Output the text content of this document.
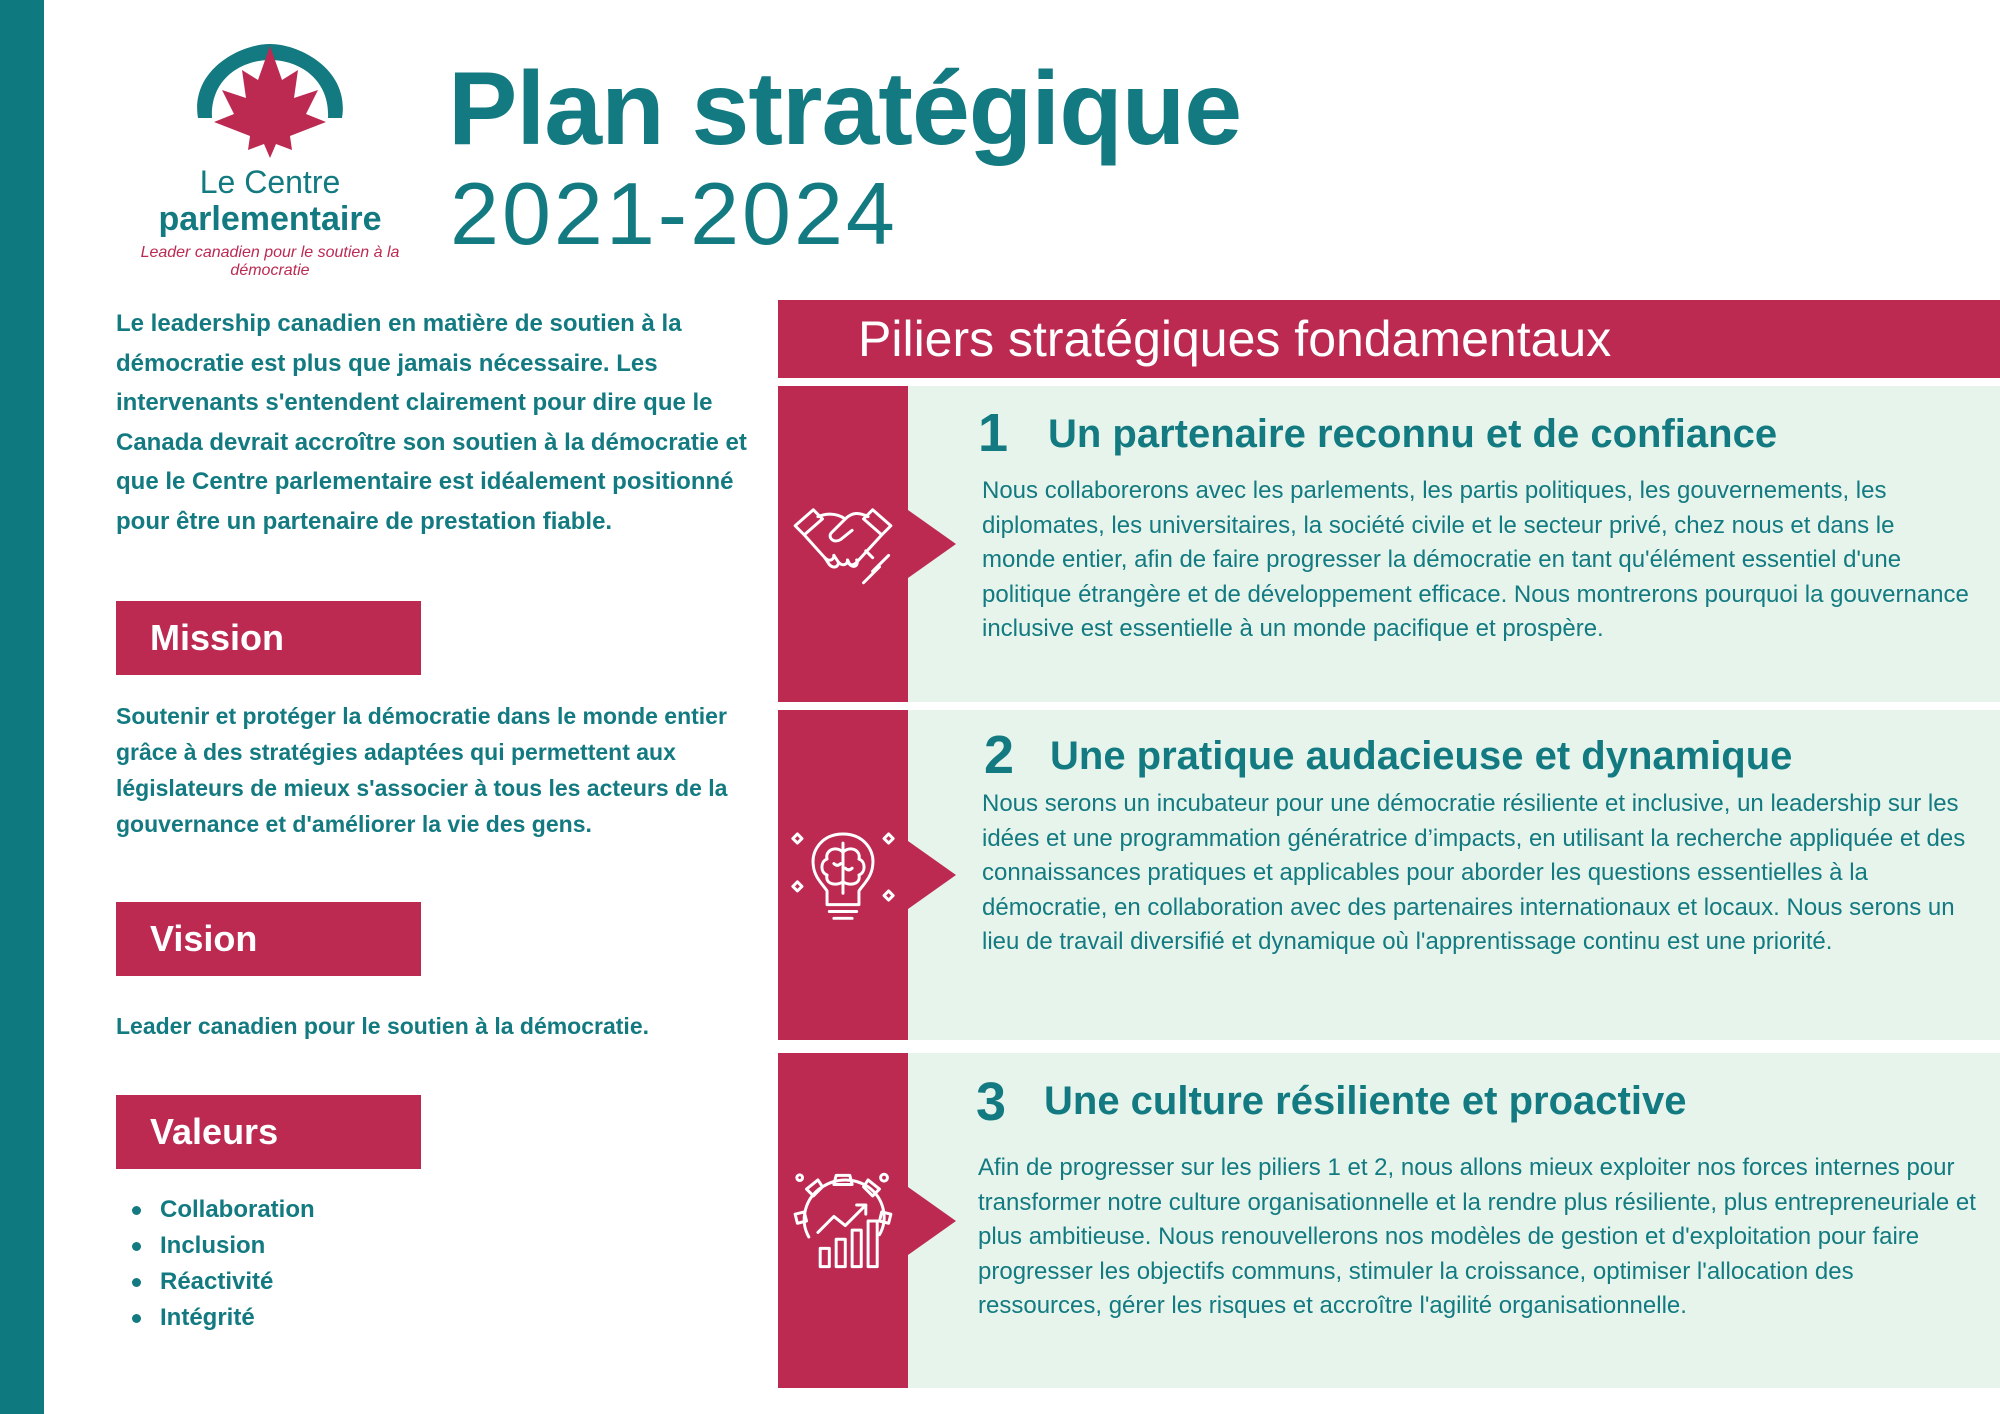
Le Centre
parlementaire
Leader canadien pour le soutien à la démocratie
Plan stratégique
2021-2024
Le leadership canadien en matière de soutien à la démocratie est plus que jamais nécessaire. Les intervenants s'entendent clairement pour dire que le Canada devrait accroître son soutien à la démocratie et que le Centre parlementaire est idéalement positionné pour être un partenaire de prestation fiable.
Mission
Soutenir et protéger la démocratie dans le monde entier grâce à des stratégies adaptées qui permettent aux législateurs de mieux s'associer à tous les acteurs de la gouvernance et d'améliorer la vie des gens.
Vision
Leader canadien pour le soutien à la démocratie.
Valeurs
Collaboration
Inclusion
Réactivité
Intégrité
Piliers stratégiques fondamentaux
1 Un partenaire reconnu et de confiance
Nous collaborerons avec les parlements, les partis politiques, les gouvernements, les diplomates, les universitaires, la société civile et le secteur privé, chez nous et dans le monde entier, afin de faire progresser la démocratie en tant qu'élément essentiel d'une politique étrangère et de développement efficace. Nous montrerons pourquoi la gouvernance inclusive est essentielle à un monde pacifique et prospère.
2 Une pratique audacieuse et dynamique
Nous serons un incubateur pour une démocratie résiliente et inclusive, un leadership sur les idées et une programmation génératrice d’impacts, en utilisant la recherche appliquée et des connaissances pratiques et applicables pour aborder les questions essentielles à la démocratie, en collaboration avec des partenaires internationaux et locaux. Nous serons un lieu de travail diversifié et dynamique où l'apprentissage continu est une priorité.
3 Une culture résiliente et proactive
Afin de progresser sur les piliers 1 et 2, nous allons mieux exploiter nos forces internes pour transformer notre culture organisationnelle et la rendre plus résiliente, plus entrepreneuriale et plus ambitieuse. Nous renouvellerons nos modèles de gestion et d'exploitation pour faire progresser les objectifs communs, stimuler la croissance, optimiser l'allocation des ressources, gérer les risques et accroître l'agilité organisationnelle.
